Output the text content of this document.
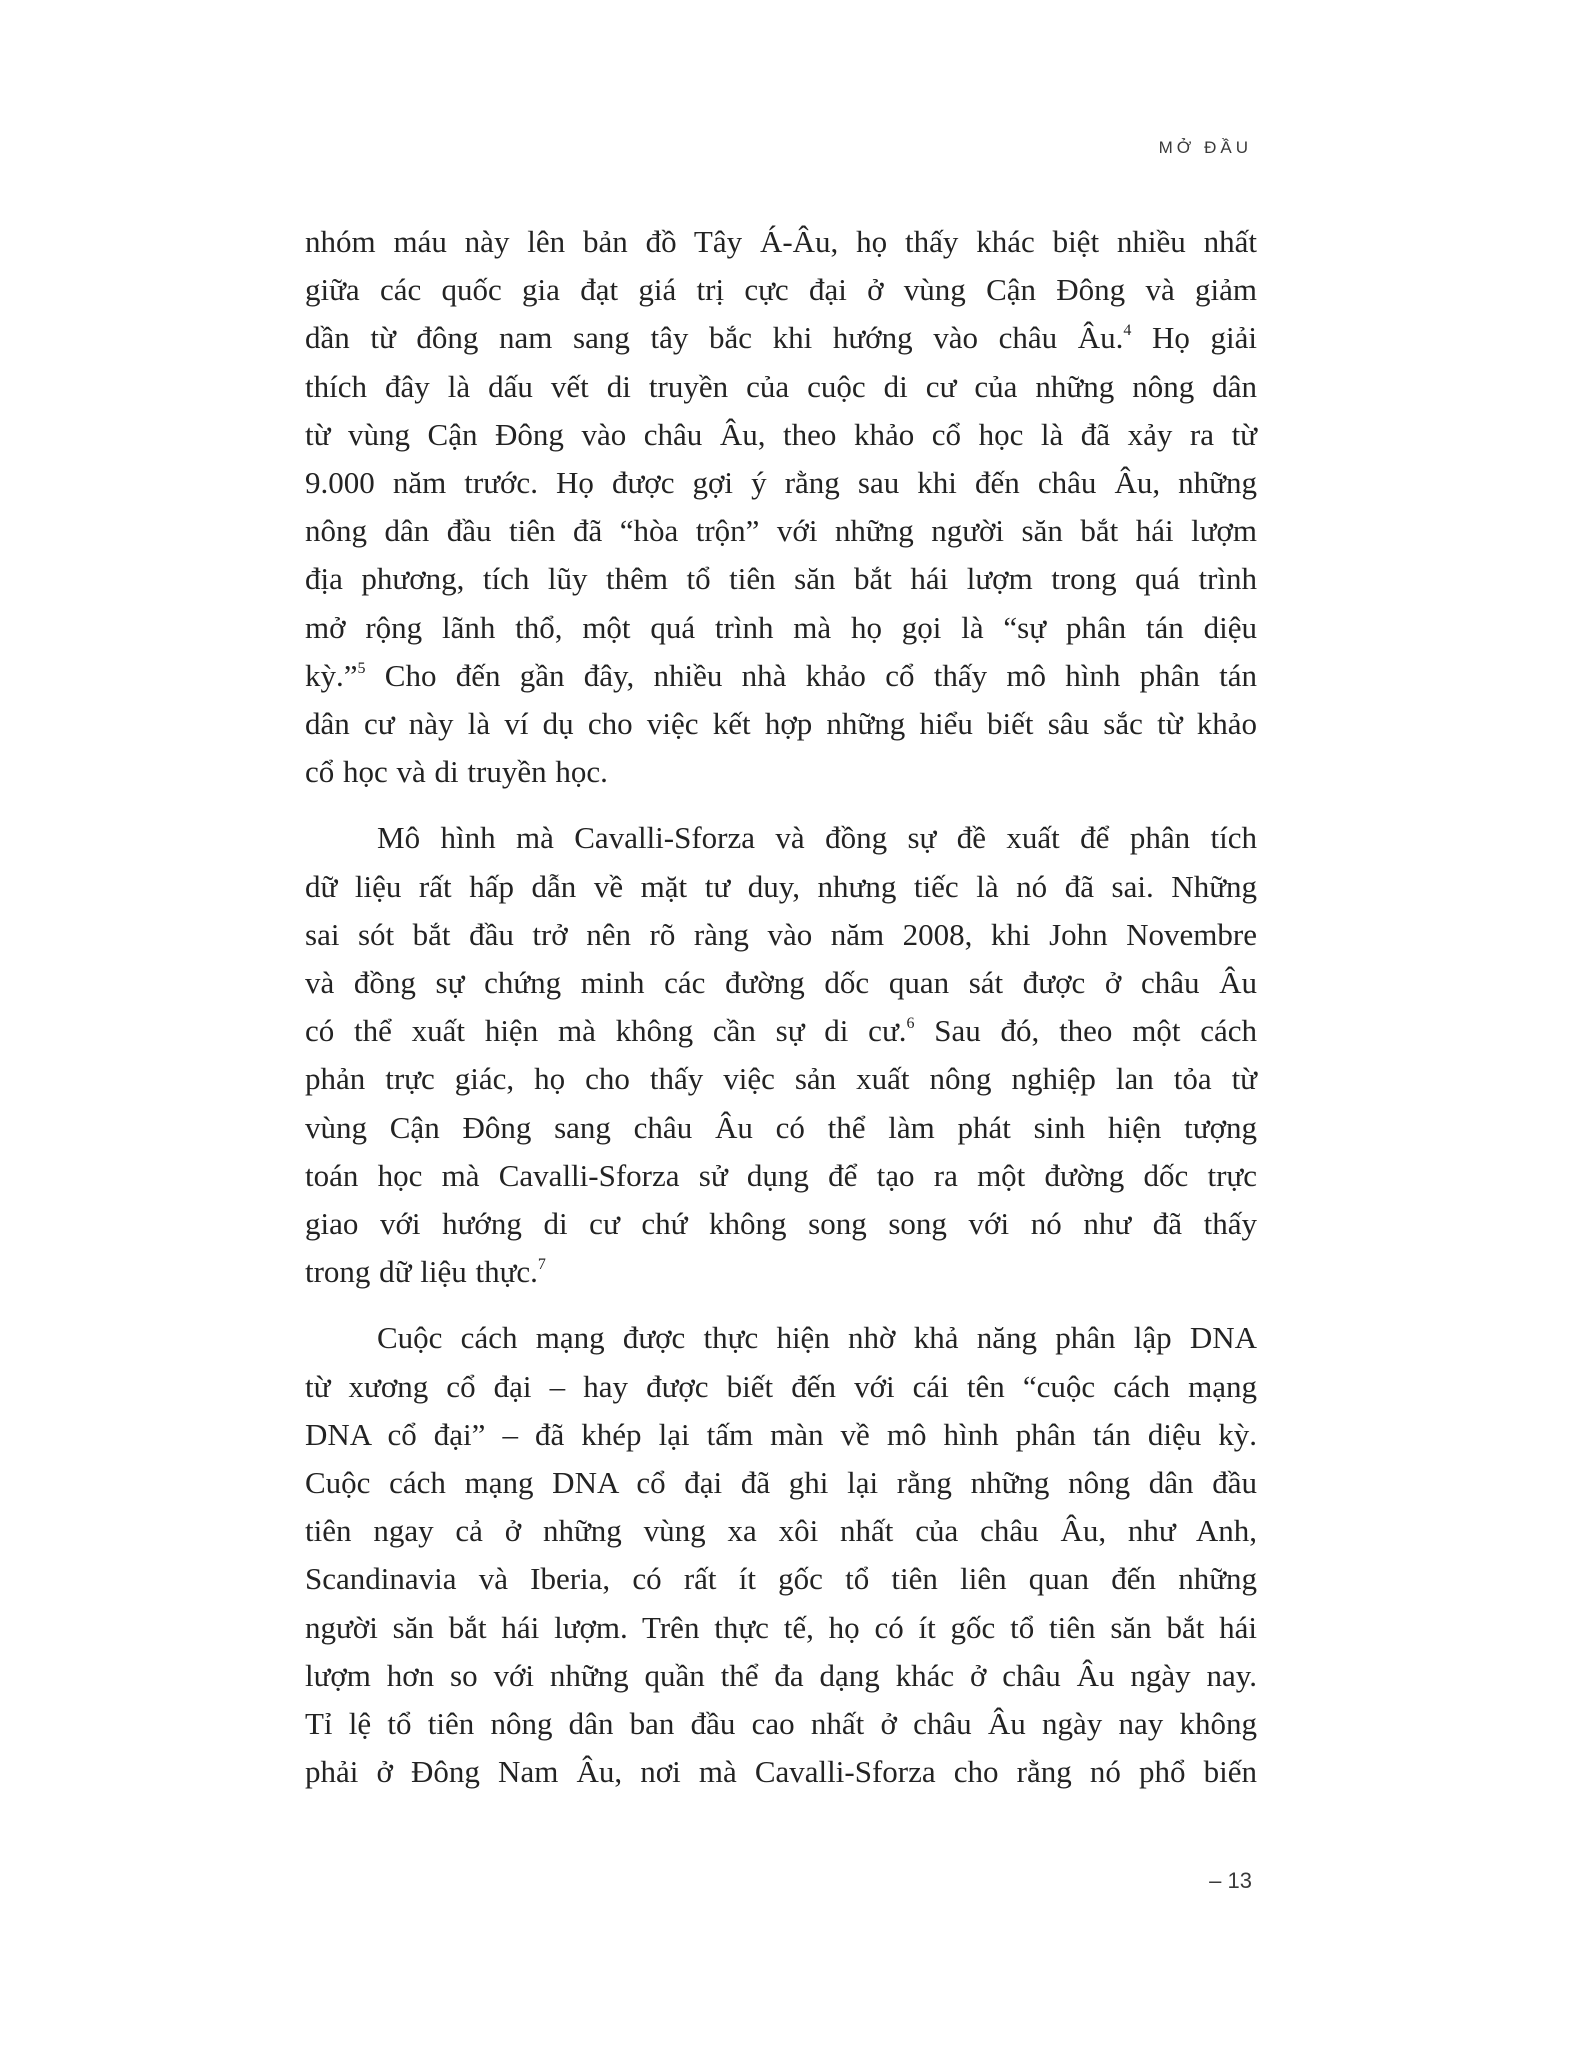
MỞ ĐẦU

nhóm máu này lên bản đồ Tây Á-Âu, họ thấy khác biệt nhiều nhất
giữa các quốc gia đạt giá trị cực đại ở vùng Cận Đông và giảm
dần từ đông nam sang tây bắc khi hướng vào châu Âu.$^4$ Họ giải
thích đây là dấu vết di truyền của cuộc di cư của những nông dân
từ vùng Cận Đông vào châu Âu, theo khảo cổ học là đã xảy ra từ
9.000 năm trước. Họ được gợi ý rằng sau khi đến châu Âu, những
nông dân đầu tiên đã “hòa trộn” với những người săn bắt hái lượm
địa phương, tích lũy thêm tổ tiên săn bắt hái lượm trong quá trình
mở rộng lãnh thổ, một quá trình mà họ gọi là “sự phân tán diệu
kỳ.”$^5$ Cho đến gần đây, nhiều nhà khảo cổ thấy mô hình phân tán
dân cư này là ví dụ cho việc kết hợp những hiểu biết sâu sắc từ khảo
cổ học và di truyền học.

Mô hình mà Cavalli-Sforza và đồng sự đề xuất để phân tích
dữ liệu rất hấp dẫn về mặt tư duy, nhưng tiếc là nó đã sai. Những
sai sót bắt đầu trở nên rõ ràng vào năm 2008, khi John Novembre
và đồng sự chứng minh các đường dốc quan sát được ở châu Âu
có thể xuất hiện mà không cần sự di cư.$^6$ Sau đó, theo một cách
phản trực giác, họ cho thấy việc sản xuất nông nghiệp lan tỏa từ
vùng Cận Đông sang châu Âu có thể làm phát sinh hiện tượng
toán học mà Cavalli-Sforza sử dụng để tạo ra một đường dốc trực
giao với hướng di cư chứ không song song với nó như đã thấy
trong dữ liệu thực.$^7$

Cuộc cách mạng được thực hiện nhờ khả năng phân lập DNA
từ xương cổ đại – hay được biết đến với cái tên “cuộc cách mạng
DNA cổ đại” – đã khép lại tấm màn về mô hình phân tán diệu kỳ.
Cuộc cách mạng DNA cổ đại đã ghi lại rằng những nông dân đầu
tiên ngay cả ở những vùng xa xôi nhất của châu Âu, như Anh,
Scandinavia và Iberia, có rất ít gốc tổ tiên liên quan đến những
người săn bắt hái lượm. Trên thực tế, họ có ít gốc tổ tiên săn bắt hái
lượm hơn so với những quần thể đa dạng khác ở châu Âu ngày nay.
Tỉ lệ tổ tiên nông dân ban đầu cao nhất ở châu Âu ngày nay không
phải ở Đông Nam Âu, nơi mà Cavalli-Sforza cho rằng nó phổ biến

– 13
